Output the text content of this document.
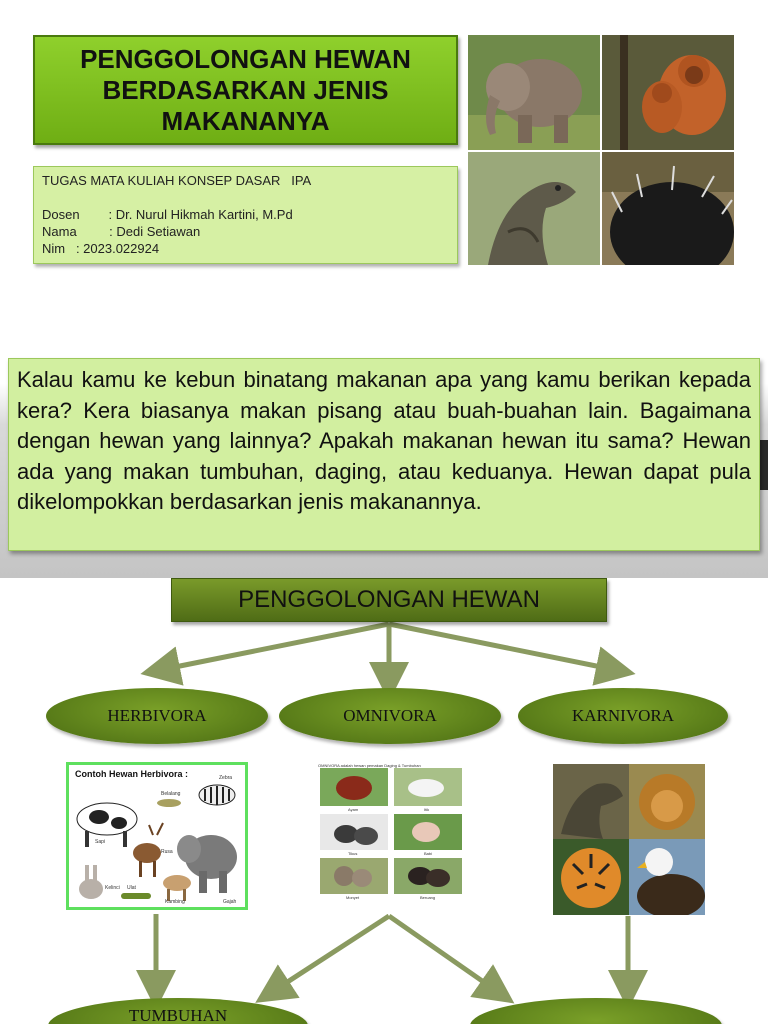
PENGGOLONGAN HEWAN BERDASARKAN JENIS MAKANANYA
TUGAS MATA KULIAH KONSEP DASAR   IPA
Dosen        : Dr. Nurul Hikmah Kartini, M.Pd
Nama         : Dedi Setiawan
Nim   : 2023.022924

Kalau kamu ke kebun binatang makanan apa yang kamu berikan kepada kera? Kera biasanya makan pisang atau buah-buahan lain. Bagaimana dengan hewan yang lainnya? Apakah makanan hewan itu sama? Hewan ada yang makan tumbuhan, daging, atau keduanya. Hewan dapat pula dikelompokkan berdasarkan jenis makanannya.

PENGGOLONGAN HEWAN
HERBIVORA	OMNIVORA	KARNIVORA
Contoh Hewan Herbivora :	Zebra
Belalang
Sapi
Rusa
Kelinci Ulat
Kambing	Gajah
OMNIVORA adalah hewan pemakan Daging & Tumbuhan
Ayam	Itik
Tikus	Babi
Monyet	Beruang
TUMBUHAN
